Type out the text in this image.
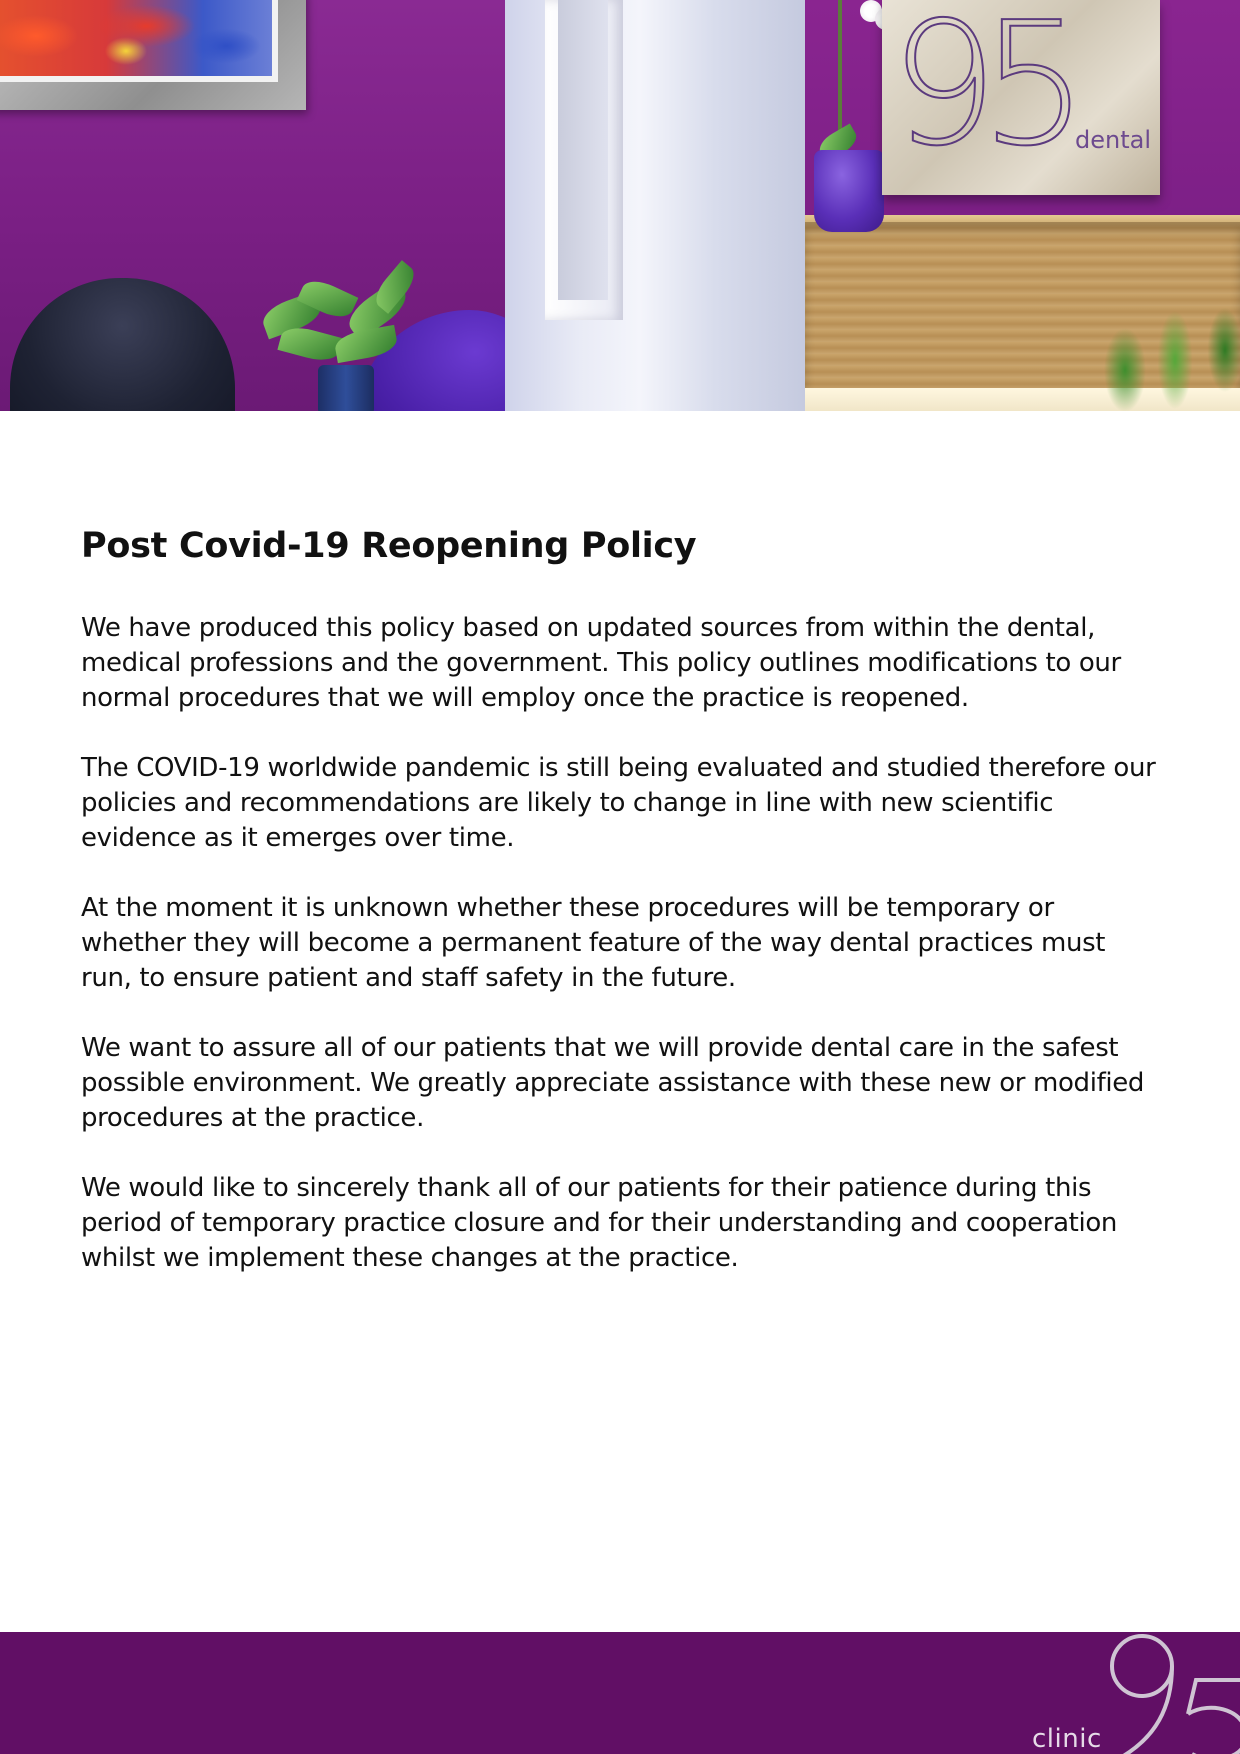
95 dental
Post Covid-19 Reopening Policy

We have produced this policy based on updated sources from within the dental, medical professions and the government. This policy outlines modifications to our normal procedures that we will employ once the practice is reopened.

The COVID-19 worldwide pandemic is still being evaluated and studied therefore our policies and recommendations are likely to change in line with new scientific evidence as it emerges over time.

At the moment it is unknown whether these procedures will be temporary or whether they will become a permanent feature of the way dental practices must run, to ensure patient and staff safety in the future.

We want to assure all of our patients that we will provide dental care in the safest possible environment. We greatly appreciate assistance with these new or modified procedures at the practice.

We would like to sincerely thank all of our patients for their patience during this period of temporary practice closure and for their understanding and cooperation whilst we implement these changes at the practice.

clinic
